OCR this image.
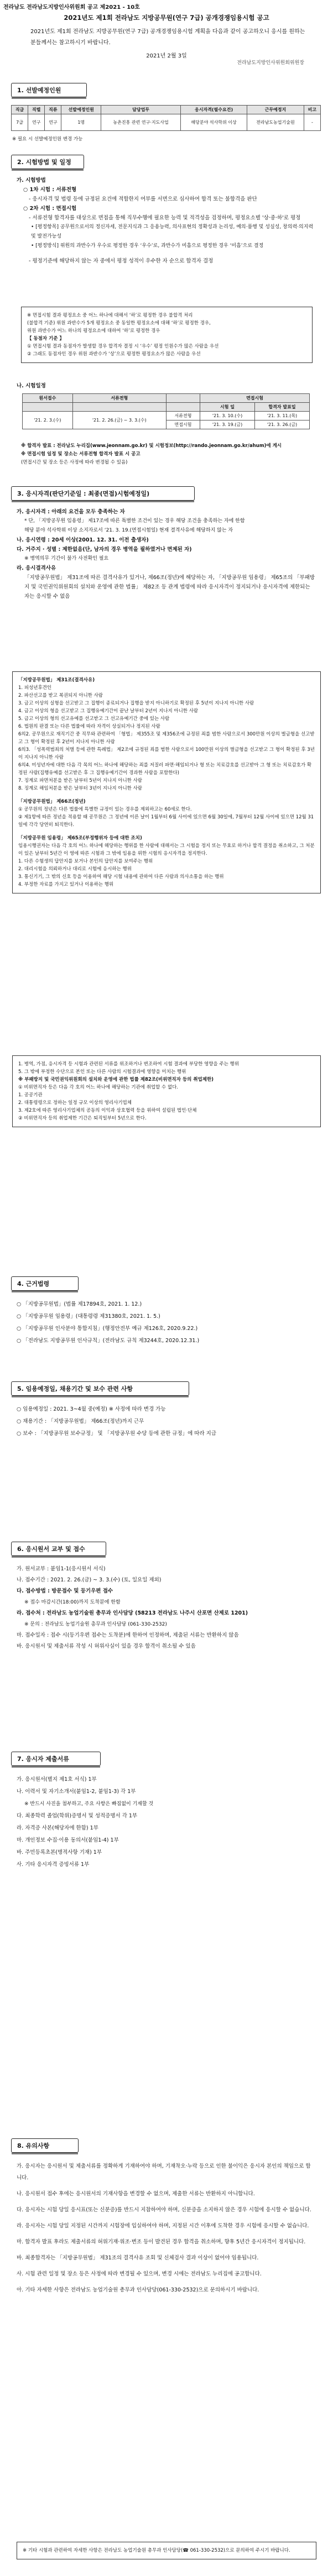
전라남도 전라남도지방인사위원회 공고 제2021 - 10호
2021년도 제1회 전라남도 지방공무원(연구 7급) 공개경쟁임용시험 공고
2021년도 제1회 전라남도 지방공무원(연구 7급) 공개경쟁임용시험 계획을 다음과 같이 공고하오니 응시를 원하는 분들께서는 참고하시기 바랍니다.
2021년 2월 3일
전라남도지방인사위원회위원장
1. 선발예정인원
직급	직렬	직류	선발예정인원	담당업무	응시자격(필수요건)	근무예정지	비고
7급	연구	연구	1명	농촌진흥 관련 연구·지도사업	해당분야 석사학위 이상	전라남도농업기술원	-
※ 필요 시 선발예정인원 변경 가능
2. 시험방법 및 일정

가. 시험방법

○ 1차 시험 : 서류전형

- 응시자격 및 법령 등에 규정된 요건에 적합한지 여부를 서면으로 심사하여 합격 또는 불합격을 판단

○ 2차 시험 : 면접시험

- 서류전형 합격자를 대상으로 면접을 통해 직무수행에 필요한 능력 및 적격성을 검정하며, 평정요소별 '상·중·하'로 평정

• [평정항목] 공무원으로서의 정신자세, 전문지식과 그 응용능력, 의사표현의 정확성과 논리성, 예의·품행 및 성실성, 창의력·의지력 및 발전가능성

• [평정방식] 위원의 과반수가 우수로 평정한 경우 ‘우수’로, 과반수가 미흡으로 평정한 경우 ‘미흡’으로 결정

- 평정기준에 해당하지 않는 자 중에서 평정 성적이 우수한 자 순으로 합격자 결정

※ 면접시험 결과 평정요소 중 어느 하나에 대해서 ‘하’로 평정한 경우 불합격 처리

(불합격 기준) 위원 과반수가 5개 평정요소 중 동일한 평정요소에 대해 ‘하’로 평정한 경우,

위원 과반수가 어느 하나의 평정요소에 대하여 ‘하’로 평정한 경우

【 동점자 기준 】

① 면접시험 결과 동점자가 발생할 경우 합격자 결정 시 ‘우수’ 평정 인원수가 많은 사람을 우선

② 그래도 동점자인 경우 위원 과반수가 ‘상’으로 평정한 평정요소가 많은 사람을 우선

나. 시험일정
원서접수	서류전형		면접시험	
			시험 일	합격자 발표일
'21. 2. 3.(수)	'21. 2. 26.(금) ~ 3. 3.(수)	서류전형	'21. 3. 10.(수)	'21. 3. 11.(목)
		면접시험	'21. 3. 19.(금)	'21. 3. 26.(금)

※ 합격자 발표 : 전라남도 누리집(www.jeonnam.go.kr) 및 시험정보(http://rando.jeonnam.go.kr/ahum)에 게시

※ 면접시험 일정 및 장소는 서류전형 합격자 발표 시 공고

(면접시간 및 장소 등은 사정에 따라 변경될 수 있음)

3. 응시자격(판단기준일 : 최종(면접)시험예정일)

가. 응시자격 : 아래의 요건을 모두 충족하는 자

* 단, 「지방공무원 임용령」 제17조에 따른 특별한 조건이 있는 경우 해당 조건을 충족하는 자에 한함

해당 분야 석사학위 이상 소지자로서 ‘21. 3. 19.(면접시험일) 현재 결격사유에 해당하지 않는 자

나. 응시연령 : 20세 이상(2001. 12. 31. 이전 출생자)

다. 거주지 · 성별 : 제한없음(단, 남자의 경우 병역을 필하였거나 면제된 자)

※ 병역의무 기간이 불가 사전확인 필요

라. 응시결격사유

「지방공무원법」 제31조에 따른 결격사유가 있거나, 제66조(정년)에 해당하는 자, 「지방공무원 임용령」 제65조의 「부패방지 및 국민권익위원회의 설치와 운영에 관한 법률」 제82조 등 관계 법령에 따라 응시자격이 정지되거나 응시자격에 제한되는 자는 응시할 수 없음

「지방공무원법」 제31조(결격사유)

1. 피성년후견인

2. 파산선고를 받고 복권되지 아니한 사람

3. 금고 이상의 실형을 선고받고 그 집행이 종료되거나 집행을 받지 아니하기로 확정된 후 5년이 지나지 아니한 사람

4. 금고 이상의 형을 선고받고 그 집행유예기간이 끝난 날부터 2년이 지나지 아니한 사람

5. 금고 이상의 형의 선고유예를 선고받고 그 선고유예기간 중에 있는 사람

6. 법원의 판결 또는 다른 법률에 따라 자격이 상실되거나 정지된 사람

6의2. 공무원으로 재직기간 중 직무와 관련하여 「형법」 제355조 및 제356조에 규정된 죄를 범한 사람으로서 300만원 이상의 벌금형을 선고받고 그 형이 확정된 후 2년이 지나지 아니한 사람

6의3. 「성폭력범죄의 처벌 등에 관한 특례법」 제2조에 규정된 죄를 범한 사람으로서 100만원 이상의 벌금형을 선고받고 그 형이 확정된 후 3년이 지나지 아니한 사람

6의4. 미성년자에 대한 다음 각 목의 어느 하나에 해당하는 죄를 저질러 파면·해임되거나 형 또는 치료감호를 선고받아 그 형 또는 치료감호가 확정된 사람(집행유예를 선고받은 후 그 집행유예기간이 경과한 사람을 포함한다)

7. 징계로 파면처분을 받은 날부터 5년이 지나지 아니한 사람

8. 징계로 해임처분을 받은 날부터 3년이 지나지 아니한 사람

「지방공무원법」 제66조(정년)

① 공무원의 정년은 다른 법률에 특별한 규정이 있는 경우를 제외하고는 60세로 한다.

② 제1항에 따른 정년을 적용할 때 공무원은 그 정년에 이른 날이 1월부터 6월 사이에 있으면 6월 30일에, 7월부터 12월 사이에 있으면 12월 31일에 각각 당연히 퇴직한다.

「지방공무원 임용령」 제65조(부정행위자 등에 대한 조치)

임용시행권자는 다음 각 호의 어느 하나에 해당하는 행위를 한 사람에 대해서는 그 시험을 정지 또는 무효로 하거나 합격 결정을 취소하고, 그 처분이 있은 날부터 5년간 이 영에 따른 시험과 그 밖에 임용을 위한 시험의 응시자격을 정지한다.

1. 다른 수험생의 답안지를 보거나 본인의 답안지를 보여주는 행위

2. 대리시험을 의뢰하거나 대리로 시험에 응시하는 행위

3. 통신기기, 그 밖의 신호 등을 이용하여 해당 시험 내용에 관하여 다른 사람과 의사소통을 하는 행위

4. 부정한 자료를 가지고 있거나 이용하는 행위

1. 병역, 가점, 응시자격 등 시험과 관련된 서류를 위조하거나 변조하여 시험 결과에 부당한 영향을 주는 행위

5. 그 밖에 부정한 수단으로 본인 또는 다른 사람의 시험결과에 영향을 미치는 행위

※ 부패방지 및 국민권익위원회의 설치와 운영에 관한 법률 제82조(비위면직자 등의 취업제한)

① 비위면직자 등은 다음 각 호의 어느 하나에 해당하는 기관에 취업할 수 없다.

1. 공공기관

2. 대통령령으로 정하는 일정 규모 이상의 영리사기업체

3. 제2호에 따른 영리사기업체의 공동의 이익과 상호협력 등을 위하여 설립된 법인·단체

② 비위면직자 등의 취업제한 기간은 퇴직일부터 5년으로 한다.

4. 근거법령

○ 「지방공무원법」(법률 제17894호, 2021. 1. 12.)

○ 「지방공무원 임용령」(대통령령 제31380호, 2021. 1. 5.)

○ 「지방공무원 인사분야 통합지침」(행정안전부 예규 제126호, 2020.9.22.)

○ 「전라남도 지방공무원 인사규칙」(전라남도 규칙 제3244호, 2020.12.31.)

5. 임용예정일, 채용기간 및 보수 관련 사항

○ 임용예정일 : 2021. 3~4월 중(예정) ※ 사정에 따라 변경 가능

○ 채용기간 : 「지방공무원법」 제66조(정년)까지 근무

○ 보수 : 「지방공무원 보수규정」 및 「지방공무원 수당 등에 관한 규정」에 따라 지급

6. 응시원서 교부 및 접수

가. 원서교부 : 붙임1-1(응시원서 서식)

나. 접수기간 : 2021. 2. 26.(금) ~ 3. 3.(수) (토, 일요일 제외)

다. 접수방법 : 방문접수 및 등기우편 접수

※ 접수 마감시간(18:00)까지 도착분에 한함

라. 접수처 : 전라남도 농업기술원 총무과 인사담당 (58213 전라남도 나주시 산포면 산제로 1201)

※ 문의 : 전라남도 농업기술원 총무과 인사담당 (061-330-2532)

마. 접수일자 : 접수 시(등기우편 접수는 도착분)에 한하여 인정하며, 제출된 서류는 반환하지 않음

바. 응시원서 및 제출서류 작성 시 허위사실이 있을 경우 합격이 취소될 수 있음

7. 응시자 제출서류

가. 응시원서(별지 제1호 서식) 1부

나. 이력서 및 자기소개서(붙임1-2, 붙임1-3) 각 1부

※ 반드시 사진을 첨부하고, 주요 사항은 빠짐없이 기재할 것

다. 최종학력 졸업(학위)증명서 및 성적증명서 각 1부

라. 자격증 사본(해당자에 한함) 1부

마. 개인정보 수집·이용 동의서(붙임1-4) 1부

바. 주민등록초본(병적사항 기재) 1부

사. 기타 응시자격 증빙서류 1부

8. 유의사항

가. 응시자는 응시원서 및 제출서류를 정확하게 기재하여야 하며, 기재착오·누락 등으로 인한 불이익은 응시자 본인의 책임으로 합니다.

나. 응시원서 접수 후에는 응시원서의 기재사항을 변경할 수 없으며, 제출한 서류는 반환하지 아니합니다.

다. 응시자는 시험 당일 응시표(또는 신분증)를 반드시 지참하여야 하며, 신분증을 소지하지 않은 경우 시험에 응시할 수 없습니다.

라. 응시자는 시험 당일 지정된 시간까지 시험장에 입실하여야 하며, 지정된 시간 이후에 도착한 경우 시험에 응시할 수 없습니다.

마. 합격자 발표 후라도 제출서류의 허위기재·위조·변조 등이 발견된 경우 합격을 취소하며, 향후 5년간 응시자격이 정지됩니다.

바. 최종합격자는 「지방공무원법」 제31조의 결격사유 조회 및 신체검사 결과 이상이 없어야 임용됩니다.

사. 시험 관련 일정 및 장소 등은 사정에 따라 변경될 수 있으며, 변경 시에는 전라남도 누리집에 공고합니다.

아. 기타 자세한 사항은 전라남도 농업기술원 총무과 인사담당(061-330-2532)으로 문의하시기 바랍니다.

※ 기타 시험과 관련하여 자세한 사항은 전라남도 농업기술원 총무과 인사담당(☎ 061-330-2532)으로 문의하여 주시기 바랍니다.
